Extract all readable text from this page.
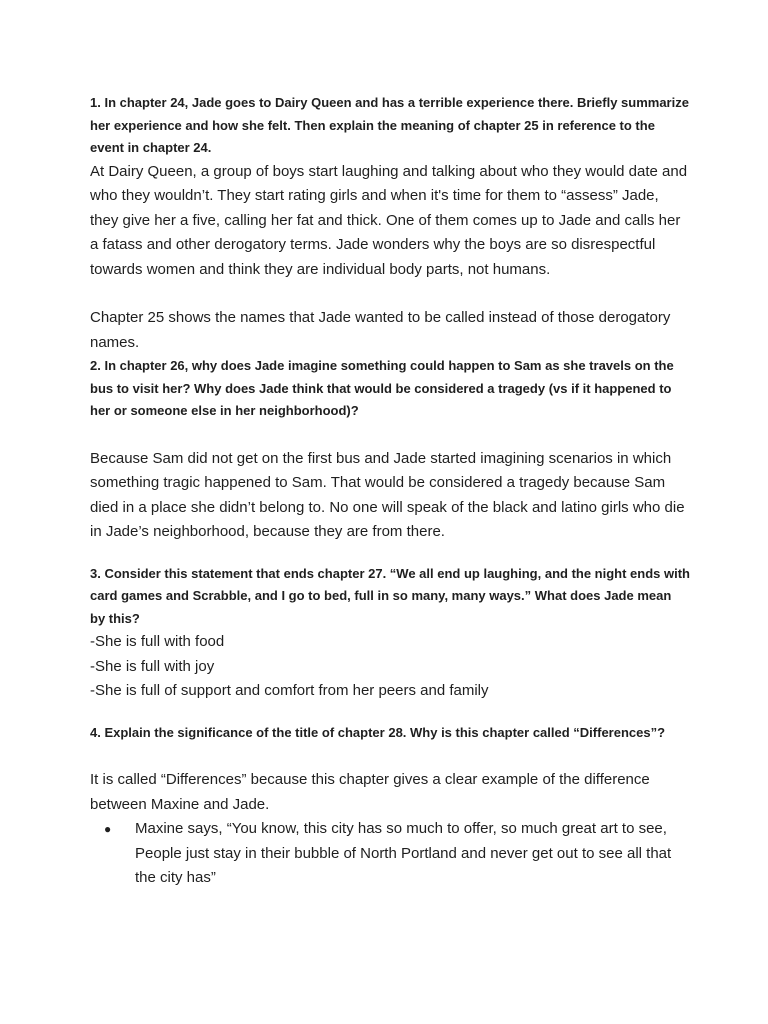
1. In chapter 24, Jade goes to Dairy Queen and has a terrible experience there. Briefly summarize her experience and how she felt. Then explain the meaning of chapter 25 in reference to the event in chapter 24.

At Dairy Queen, a group of boys start laughing and talking about who they would date and who they wouldn’t. They start rating girls and when it's time for them to “assess” Jade, they give her a five, calling her fat and thick. One of them comes up to Jade and calls her a fatass and other derogatory terms. Jade wonders why the boys are so disrespectful towards women and think they are individual body parts, not humans.

Chapter 25 shows the names that Jade wanted to be called instead of those derogatory names.

2. In chapter 26, why does Jade imagine something could happen to Sam as she travels on the bus to visit her? Why does Jade think that would be considered a tragedy (vs if it happened to her or someone else in her neighborhood)?

Because Sam did not get on the first bus and Jade started imagining scenarios in which something tragic happened to Sam. That would be considered a tragedy because Sam died in a place she didn’t belong to. No one will speak of the black and latino girls who die in Jade’s neighborhood, because they are from there.

3. Consider this statement that ends chapter 27. “We all end up laughing, and the night ends with card games and Scrabble, and I go to bed, full in so many, many ways.” What does Jade mean by this?

-She is full with food

-She is full with joy

-She is full of support and comfort from her peers and family

4. Explain the significance of the title of chapter 28. Why is this chapter called “Differences”?

It is called “Differences” because this chapter gives a clear example of the difference between Maxine and Jade.

● Maxine says, “You know, this city has so much to offer, so much great art to see, People just stay in their bubble of North Portland and never get out to see all that the city has”
